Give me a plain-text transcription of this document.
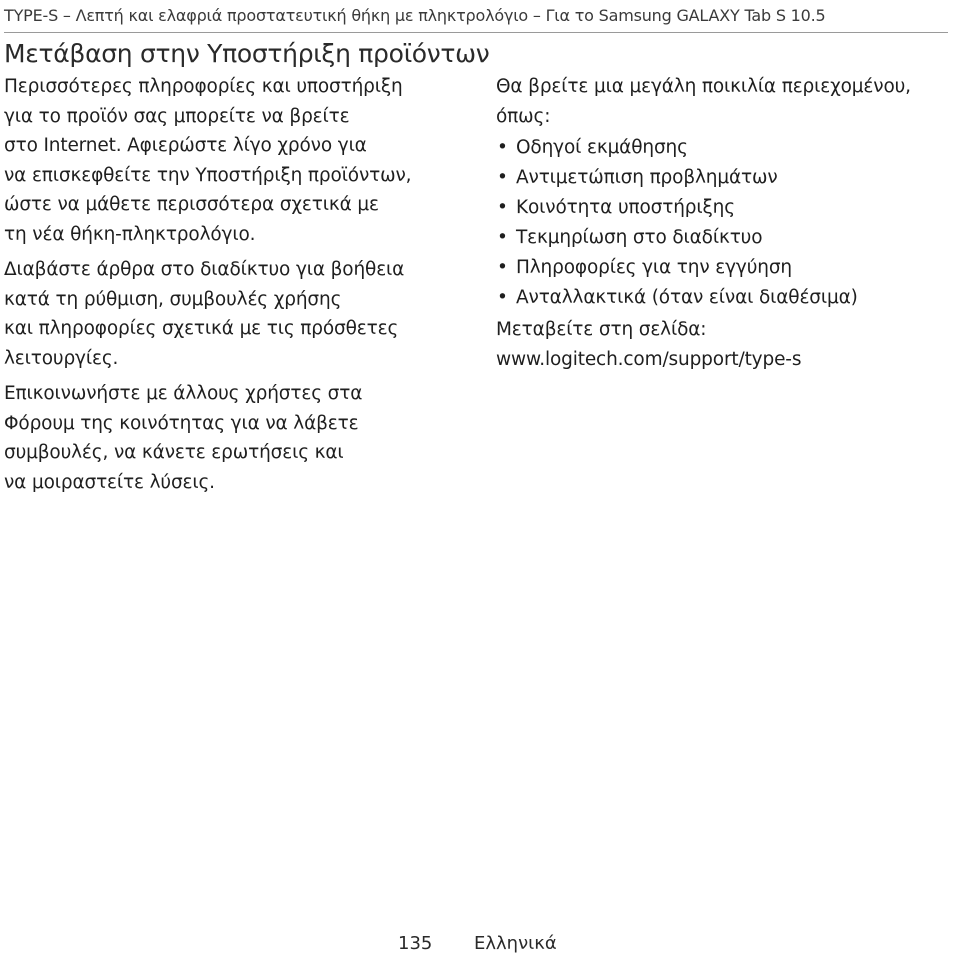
TYPE-S – Λεπτή και ελαφριά προστατευτική θήκη με πληκτρολόγιο – Για το Samsung GALAXY Tab S 10.5
Μετάβαση στην Υποστήριξη προϊόντων

Περισσότερες πληροφορίες και υποστήριξη
για το προϊόν σας μπορείτε να βρείτε
στο Internet. Αφιερώστε λίγο χρόνο για
να επισκεφθείτε την Υποστήριξη προϊόντων,
ώστε να μάθετε περισσότερα σχετικά με
τη νέα θήκη-πληκτρολόγιο.

Διαβάστε άρθρα στο διαδίκτυο για βοήθεια
κατά τη ρύθμιση, συμβουλές χρήσης
και πληροφορίες σχετικά με τις πρόσθετες
λειτουργίες.

Επικοινωνήστε με άλλους χρήστες στα
Φόρουμ της κοινότητας για να λάβετε
συμβουλές, να κάνετε ερωτήσεις και
να μοιραστείτε λύσεις.

Θα βρείτε μια μεγάλη ποικιλία περιεχομένου,
όπως:

• Οδηγοί εκμάθησης
• Αντιμετώπιση προβλημάτων
• Κοινότητα υποστήριξης
• Τεκμηρίωση στο διαδίκτυο
• Πληροφορίες για την εγγύηση
• Ανταλλακτικά (όταν είναι διαθέσιμα)

Μεταβείτε στη σελίδα:

www.logitech.com/support/type-s

135 Ελληνικά
